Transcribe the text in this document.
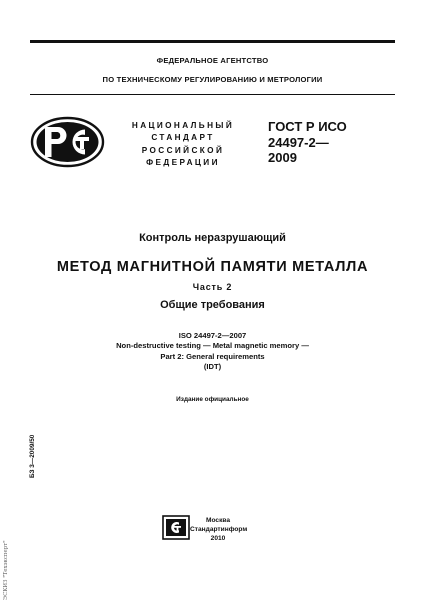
ФЕДЕРАЛЬНОЕ АГЕНТСТВО
ПО ТЕХНИЧЕСКОМУ РЕГУЛИРОВАНИЮ И МЕТРОЛОГИИ
НАЦИОНАЛЬНЫЙ
СТАНДАРТ
РОССИЙСКОЙ
ФЕДЕРАЦИИ
ГОСТ Р ИСО
24497-2—
2009
Контроль неразрушающий
МЕТОД МАГНИТНОЙ ПАМЯТИ МЕТАЛЛА
Часть 2
Общие требования
ISO 24497-2—2007
Non-destructive testing — Metal magnetic memory —
Part 2: General requirements
(IDT)
Издание официальное
БЗ 3—2009/50
ЭСКИЗ "Техэксперт"
Москва
Стандартинформ
2010
